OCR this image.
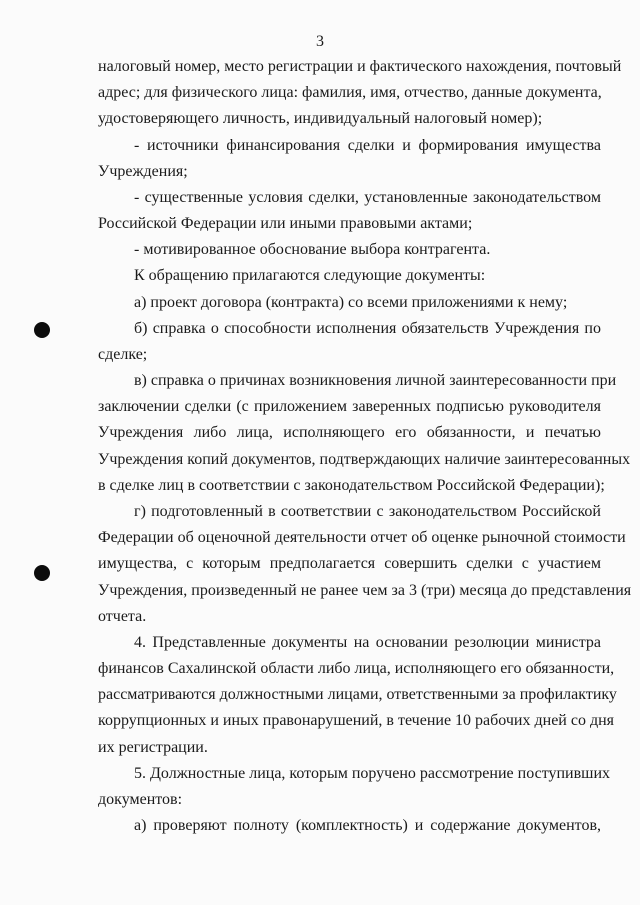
3

налоговый номер, место регистрации и фактического нахождения, почтовый

адрес; для физического лица: фамилия, имя, отчество, данные документа,

удостоверяющего личность, индивидуальный налоговый номер);

- источники финансирования сделки и формирования имущества

Учреждения;

- существенные условия сделки, установленные законодательством

Российской Федерации или иными правовыми актами;

- мотивированное обоснование выбора контрагента.

К обращению прилагаются следующие документы:

а) проект договора (контракта) со всеми приложениями к нему;

б) справка о способности исполнения обязательств Учреждения по

сделке;

в) справка о причинах возникновения личной заинтересованности при

заключении сделки (с приложением заверенных подписью руководителя

Учреждения либо лица, исполняющего его обязанности, и печатью

Учреждения копий документов, подтверждающих наличие заинтересованных

в сделке лиц в соответствии с законодательством Российской Федерации);

г) подготовленный в соответствии с законодательством Российской

Федерации об оценочной деятельности отчет об оценке рыночной стоимости

имущества, с которым предполагается совершить сделки с участием

Учреждения, произведенный не ранее чем за 3 (три) месяца до представления

отчета.

4. Представленные документы на основании резолюции министра

финансов Сахалинской области либо лица, исполняющего его обязанности,

рассматриваются должностными лицами, ответственными за профилактику

коррупционных и иных правонарушений, в течение 10 рабочих дней со дня

их регистрации.

5. Должностные лица, которым поручено рассмотрение поступивших

документов:

а) проверяют полноту (комплектность) и содержание документов,
